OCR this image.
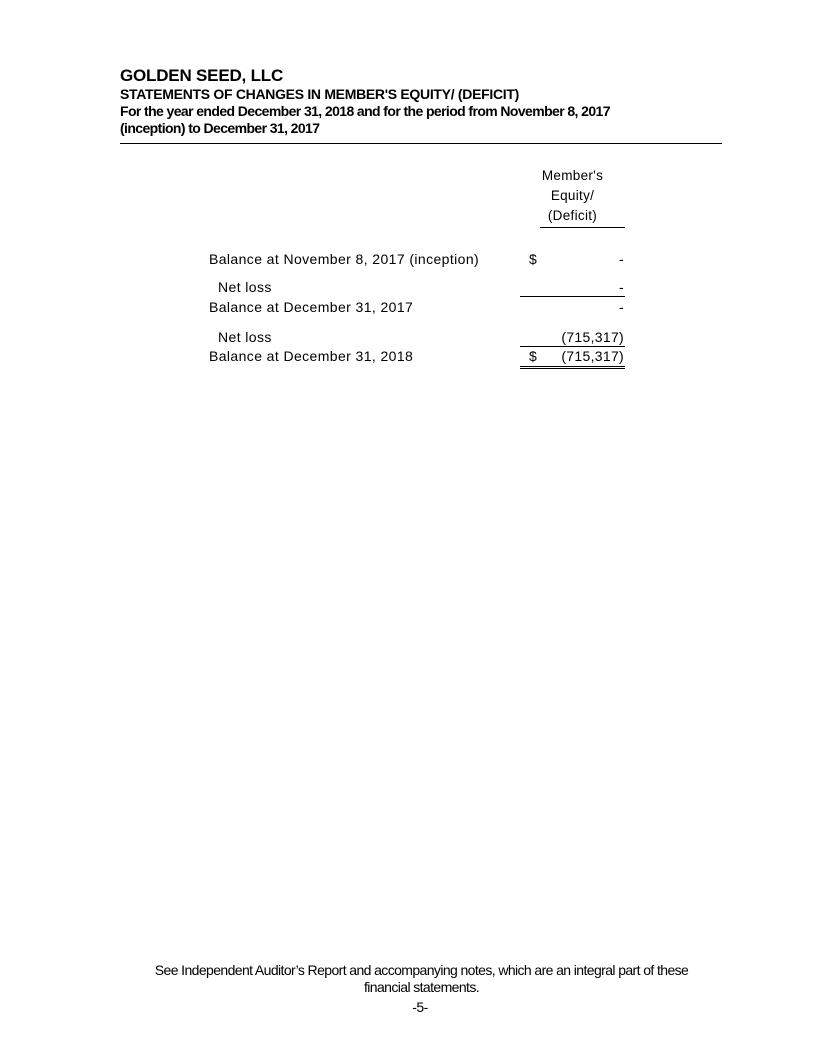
GOLDEN SEED, LLC
STATEMENTS OF CHANGES IN MEMBER'S EQUITY/ (DEFICIT)
For the year ended December 31, 2018 and for the period from November 8, 2017
(inception) to December 31, 2017
Member's
Equity/
(Deficit)
Balance at November 8, 2017 (inception)	$	-
Net loss	-
Balance at December 31, 2017	-
Net loss	(715,317)
Balance at December 31, 2018	$	(715,317)
See Independent Auditor’s Report and accompanying notes, which are an integral part of these
financial statements.
-5-
